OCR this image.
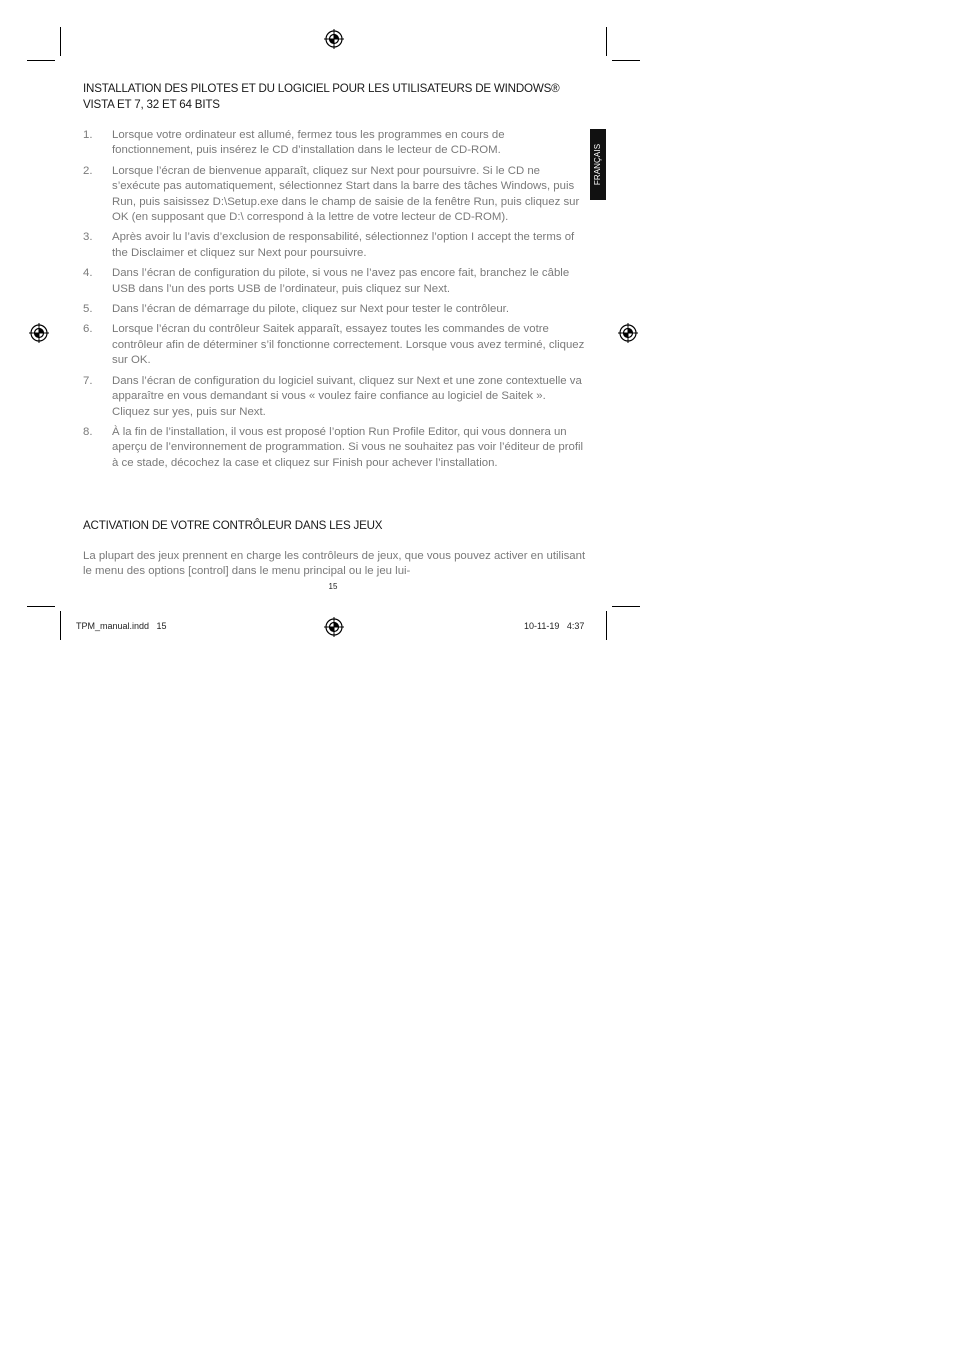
INSTALLATION DES PILOTES ET DU LOGICIEL POUR LES UTILISATEURS DE WINDOWS® VISTA ET 7, 32 ET 64 BITS
1.	Lorsque votre ordinateur est allumé, fermez tous les programmes en cours de fonctionnement, puis insérez le CD d’installation dans le lecteur de CD-ROM.
2.	Lorsque l’écran de bienvenue apparaît, cliquez sur Next pour poursuivre. Si le CD ne s’exécute pas automatiquement, sélectionnez Start dans la barre des tâches Windows, puis Run, puis saisissez D:\Setup.exe dans le champ de saisie de la fenêtre Run, puis cliquez sur OK (en supposant que D:\ correspond à la lettre de votre lecteur de CD-ROM).
3.	Après avoir lu l’avis d’exclusion de responsabilité, sélectionnez l’option I accept the terms of the Disclaimer et cliquez sur Next pour poursuivre.
4.	Dans l’écran de configuration du pilote, si vous ne l’avez pas encore fait, branchez le câble USB dans l’un des ports USB de l’ordinateur, puis cliquez sur Next.
5.	Dans l’écran de démarrage du pilote, cliquez sur Next pour tester le contrôleur.
6.	Lorsque l’écran du contrôleur Saitek apparaît, essayez toutes les commandes de votre contrôleur afin de déterminer s’il fonctionne correctement. Lorsque vous avez terminé, cliquez sur OK.
7.	Dans l’écran de configuration du logiciel suivant, cliquez sur Next et une zone contextuelle va apparaître en vous demandant si vous « voulez faire confiance au logiciel de Saitek ». Cliquez sur yes, puis sur Next.
8.	À la fin de l’installation, il vous est proposé l’option Run Profile Editor, qui vous donnera un aperçu de l’environnement de programmation. Si vous ne souhaitez pas voir l’éditeur de profil à ce stade, décochez la case et cliquez sur Finish pour achever l’installation.
ACTIVATION DE VOTRE CONTRÔLEUR DANS LES JEUX
La plupart des jeux prennent en charge les contrôleurs de jeux, que vous pouvez activer en utilisant le menu des options [control] dans le menu principal ou le jeu lui-
FRANÇAIS
15
TPM_manual.indd   15	10-11-19   4:37
